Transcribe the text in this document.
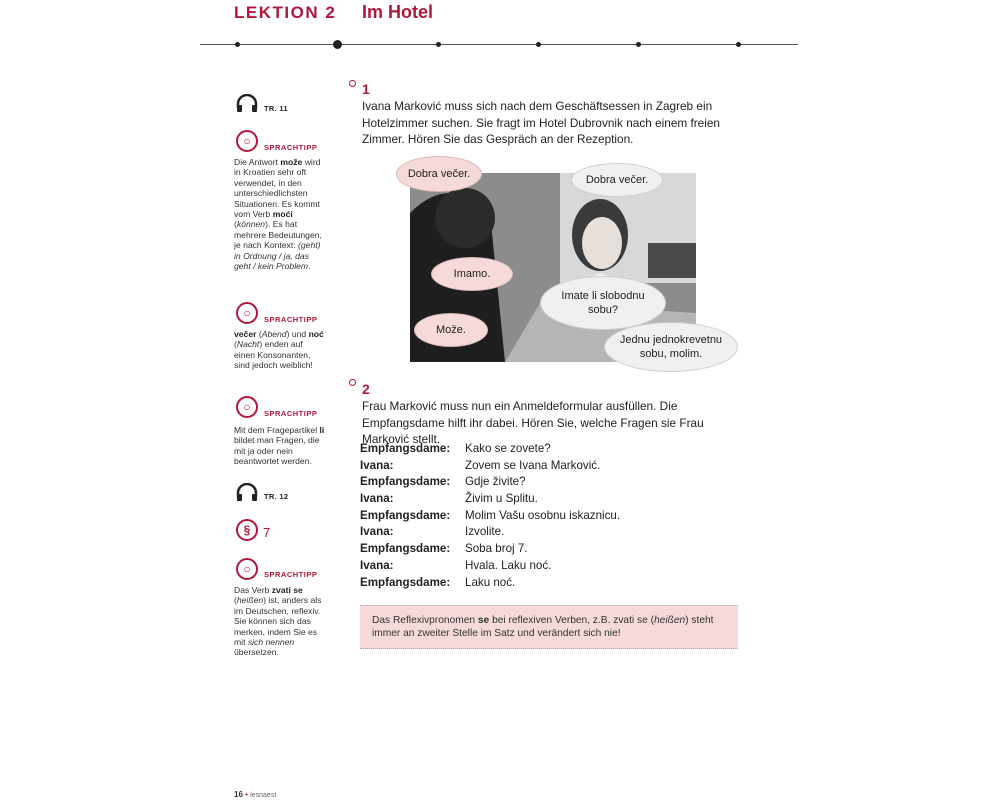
LEKTION 2 Im Hotel
TR. 11
○	SPRACHTIPP
Die Antwort može wird in Kroatien sehr oft verwendet, in den unterschiedlichsten Situationen. Es kommt vom Verb moći (können). Es hat mehrere Bedeutungen, je nach Kontext: (geht) in Ordnung / ja, das geht / kein Problem.
○	SPRACHTIPP
večer (Abend) und noć (Nacht) enden auf einen Konsonanten, sind jedoch weiblich!
○	SPRACHTIPP
Mit dem Fragepartikel li bildet man Fragen, die mit ja oder nein beantwortet werden.
TR. 12
§ 7
○	SPRACHTIPP
Das Verb zvati se (heißen) ist, anders als im Deutschen, reflexiv. Sie können sich das merken, indem Sie es mit sich nennen übersetzen.
1
Ivana Marković muss sich nach dem Geschäftsessen in Zagreb ein Hotelzimmer suchen. Sie fragt im Hotel Dubrovnik nach einem freien Zimmer. Hören Sie das Gespräch an der Rezeption.
Dobra večer.	Dobra večer.
Imamo.
Imate li slobodnu sobu?
Može.
Jednu jednokrevetnu sobu, molim.
2
Frau Marković muss nun ein Anmeldeformular ausfüllen. Die Empfangsdame hilft ihr dabei. Hören Sie, welche Fragen sie Frau Marković stellt.
Empfangsdame:	Kako se zovete?
Ivana:	Zovem se Ivana Marković.
Empfangsdame:	Gdje živite?
Ivana:	Živim u Splitu.
Empfangsdame:	Molim Vašu osobnu iskaznicu.
Ivana:	Izvolite.
Empfangsdame:	Soba broj 7.
Ivana:	Hvala. Laku noć.
Empfangsdame:	Laku noć.
Das Reflexivpronomen se bei reflexiven Verben, z.B. zvati se (heißen) steht immer an zweiter Stelle im Satz und verändert sich nie!
16 • lesnaest
